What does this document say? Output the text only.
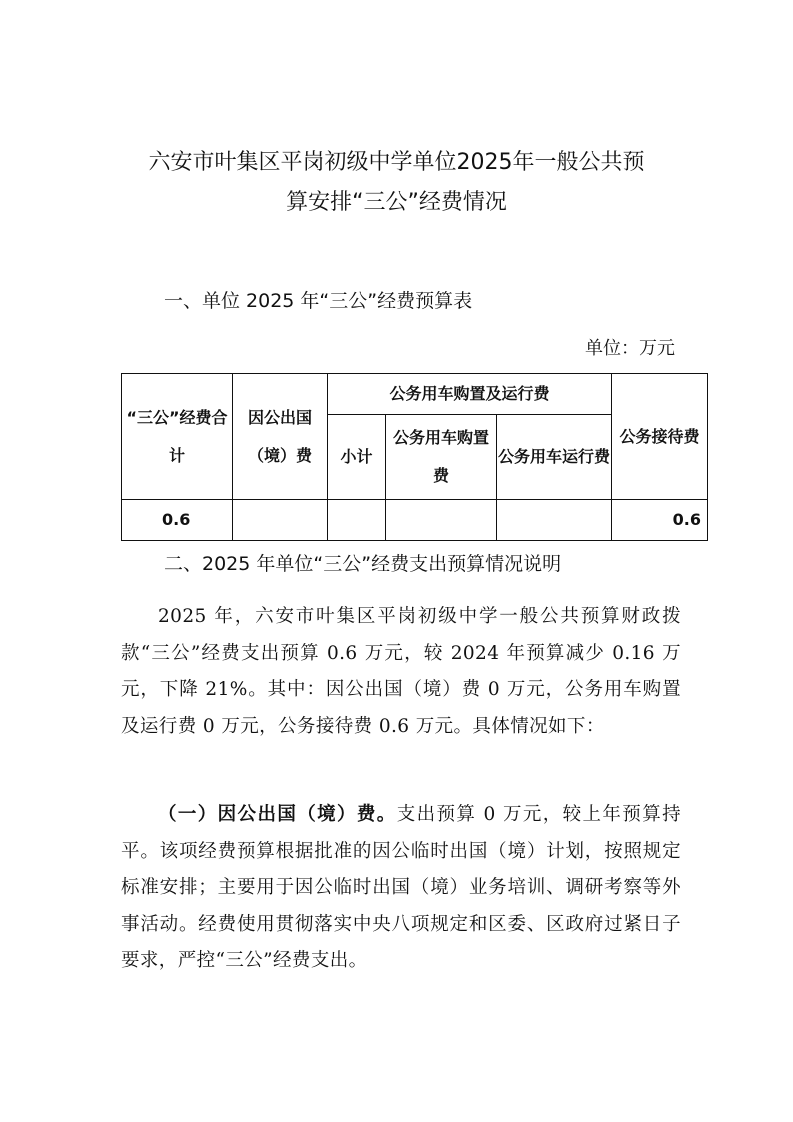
六安市叶集区平岗初级中学单位2025年一般公共预
算安排“三公”经费情况
一、单位 2025 年“三公”经费预算表
单位：万元
“三公”经费合计	因公出国（境）费	公务用车购置及运行费			公务接待费
		小计	公务用车购置费	公务用车运行费	
0.6					0.6
二、2025 年单位“三公”经费支出预算情况说明
2025 年，六安市叶集区平岗初级中学一般公共预算财政拨款“三公”经费支出预算 0.6 万元，较 2024 年预算减少 0.16 万元，下降 21%。其中：因公出国（境）费 0 万元，公务用车购置及运行费 0 万元，公务接待费 0.6 万元。具体情况如下：
（一）因公出国（境）费。支出预算 0 万元，较上年预算持平。该项经费预算根据批准的因公临时出国（境）计划，按照规定标准安排；主要用于因公临时出国（境）业务培训、调研考察等外事活动。经费使用贯彻落实中央八项规定和区委、区政府过紧日子要求，严控“三公”经费支出。
